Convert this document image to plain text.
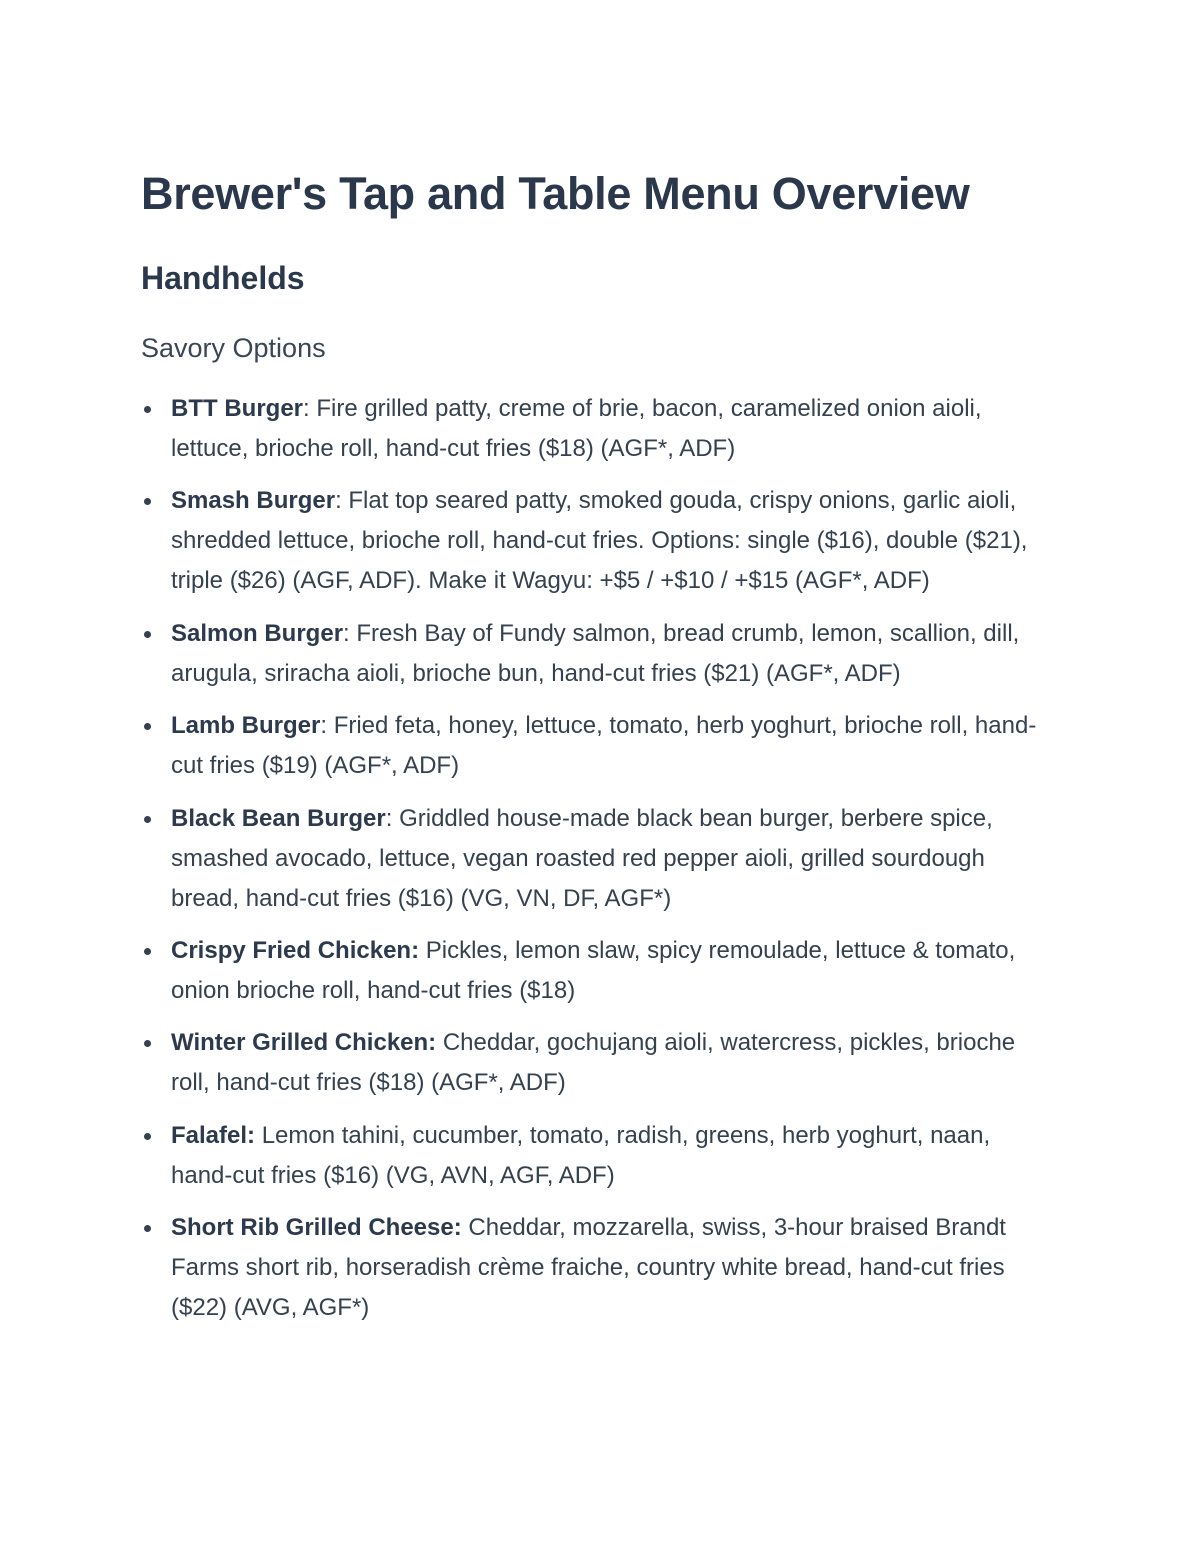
Brewer's Tap and Table Menu Overview
Handhelds
Savory Options
BTT Burger: Fire grilled patty, creme of brie, bacon, caramelized onion aioli, lettuce, brioche roll, hand-cut fries ($18) (AGF*, ADF)
Smash Burger: Flat top seared patty, smoked gouda, crispy onions, garlic aioli, shredded lettuce, brioche roll, hand-cut fries. Options: single ($16), double ($21), triple ($26) (AGF, ADF). Make it Wagyu: +$5 / +$10 / +$15 (AGF*, ADF)
Salmon Burger: Fresh Bay of Fundy salmon, bread crumb, lemon, scallion, dill, arugula, sriracha aioli, brioche bun, hand-cut fries ($21) (AGF*, ADF)
Lamb Burger: Fried feta, honey, lettuce, tomato, herb yoghurt, brioche roll, hand-cut fries ($19) (AGF*, ADF)
Black Bean Burger: Griddled house-made black bean burger, berbere spice, smashed avocado, lettuce, vegan roasted red pepper aioli, grilled sourdough bread, hand-cut fries ($16) (VG, VN, DF, AGF*)
Crispy Fried Chicken: Pickles, lemon slaw, spicy remoulade, lettuce & tomato, onion brioche roll, hand-cut fries ($18)
Winter Grilled Chicken: Cheddar, gochujang aioli, watercress, pickles, brioche roll, hand-cut fries ($18) (AGF*, ADF)
Falafel: Lemon tahini, cucumber, tomato, radish, greens, herb yoghurt, naan, hand-cut fries ($16) (VG, AVN, AGF, ADF)
Short Rib Grilled Cheese: Cheddar, mozzarella, swiss, 3-hour braised Brandt Farms short rib, horseradish crème fraiche, country white bread, hand-cut fries ($22) (AVG, AGF*)
